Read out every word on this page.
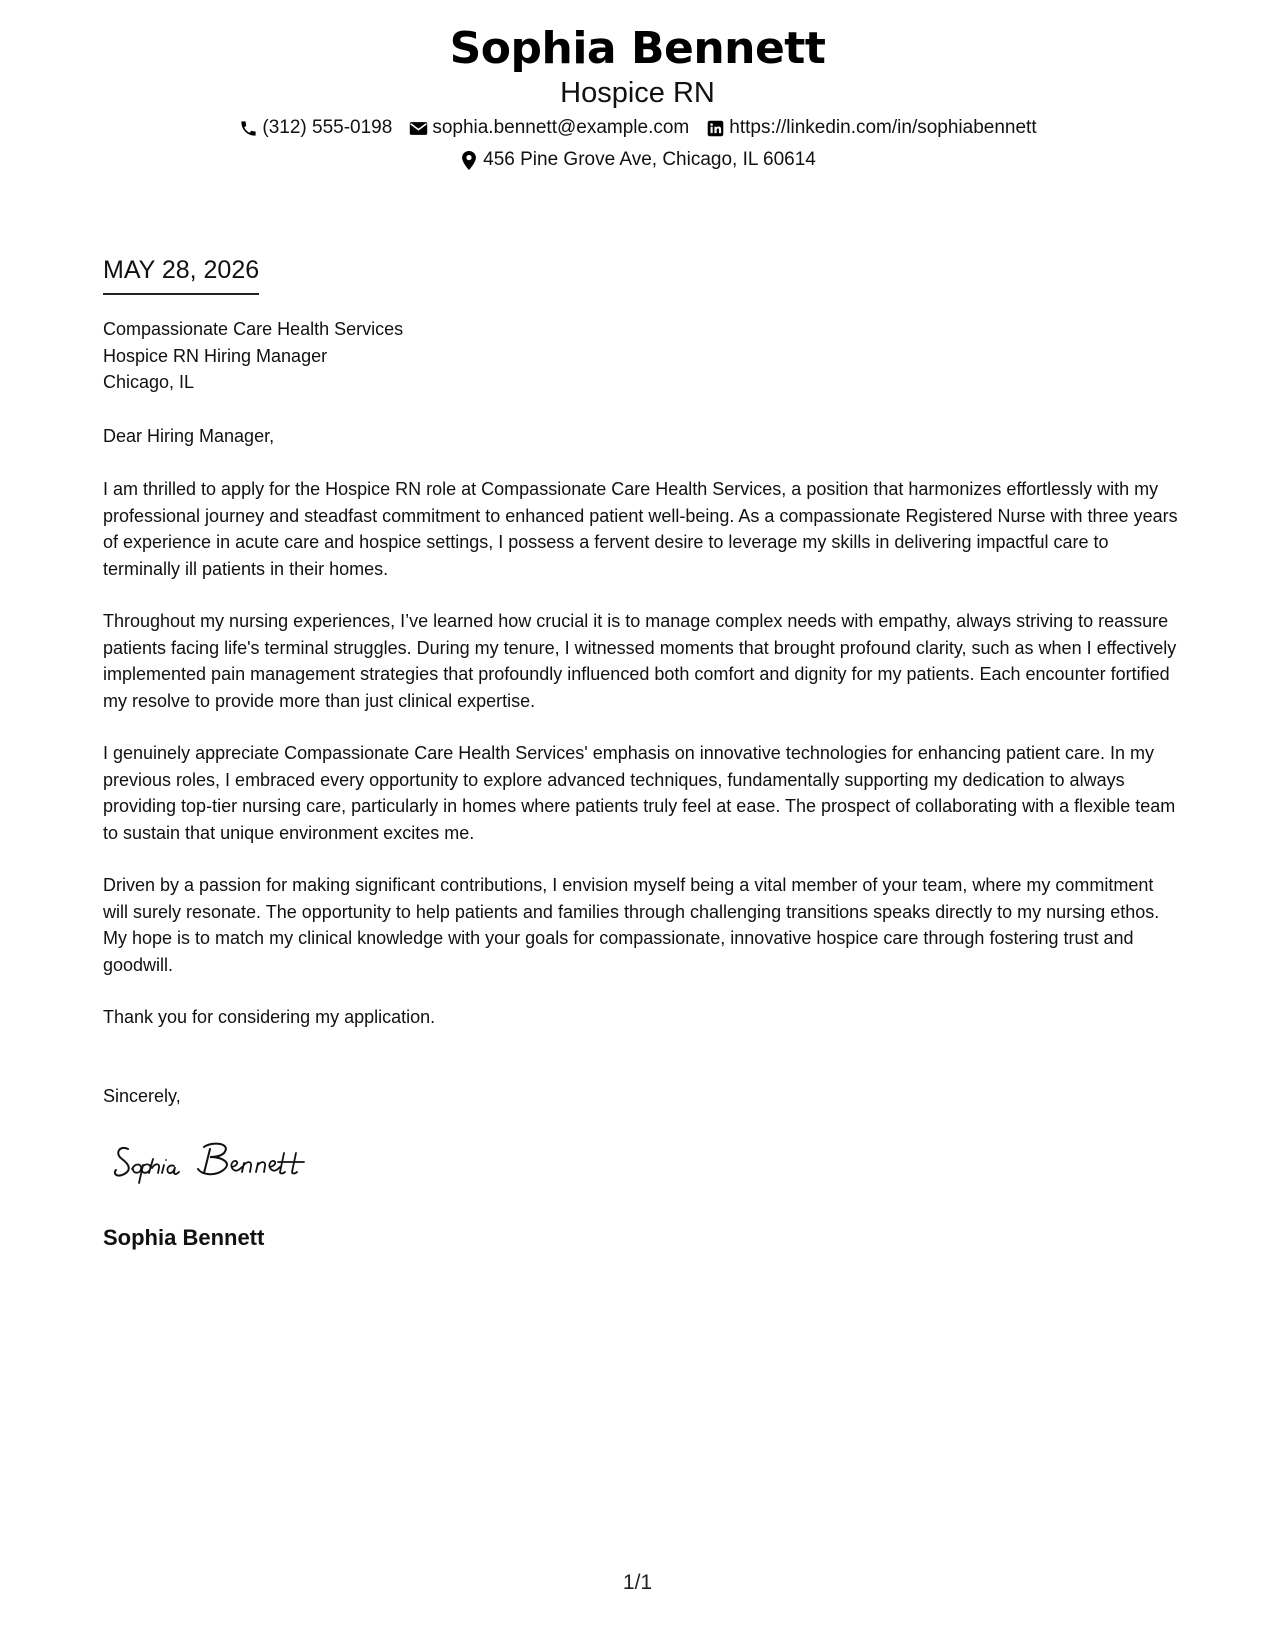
Sophia Bennett
Hospice RN
(312) 555-0198 sophia.bennett@example.com https://linkedin.com/in/sophiabennett
456 Pine Grove Ave, Chicago, IL 60614
MAY 28, 2026
Compassionate Care Health Services
Hospice RN Hiring Manager
Chicago, IL
Dear Hiring Manager,
I am thrilled to apply for the Hospice RN role at Compassionate Care Health Services, a position that harmonizes effortlessly with my professional journey and steadfast commitment to enhanced patient well-being. As a compassionate Registered Nurse with three years of experience in acute care and hospice settings, I possess a fervent desire to leverage my skills in delivering impactful care to terminally ill patients in their homes.
Throughout my nursing experiences, I’ve learned how crucial it is to manage complex needs with empathy, always striving to reassure patients facing life's terminal struggles. During my tenure, I witnessed moments that brought profound clarity, such as when I effectively implemented pain management strategies that profoundly influenced both comfort and dignity for my patients. Each encounter fortified my resolve to provide more than just clinical expertise.
I genuinely appreciate Compassionate Care Health Services' emphasis on innovative technologies for enhancing patient care. In my previous roles, I embraced every opportunity to explore advanced techniques, fundamentally supporting my dedication to always providing top-tier nursing care, particularly in homes where patients truly feel at ease. The prospect of collaborating with a flexible team to sustain that unique environment excites me.
Driven by a passion for making significant contributions, I envision myself being a vital member of your team, where my commitment will surely resonate. The opportunity to help patients and families through challenging transitions speaks directly to my nursing ethos. My hope is to match my clinical knowledge with your goals for compassionate, innovative hospice care through fostering trust and goodwill.
Thank you for considering my application.
Sincerely,
Sophia Bennett
1/1
